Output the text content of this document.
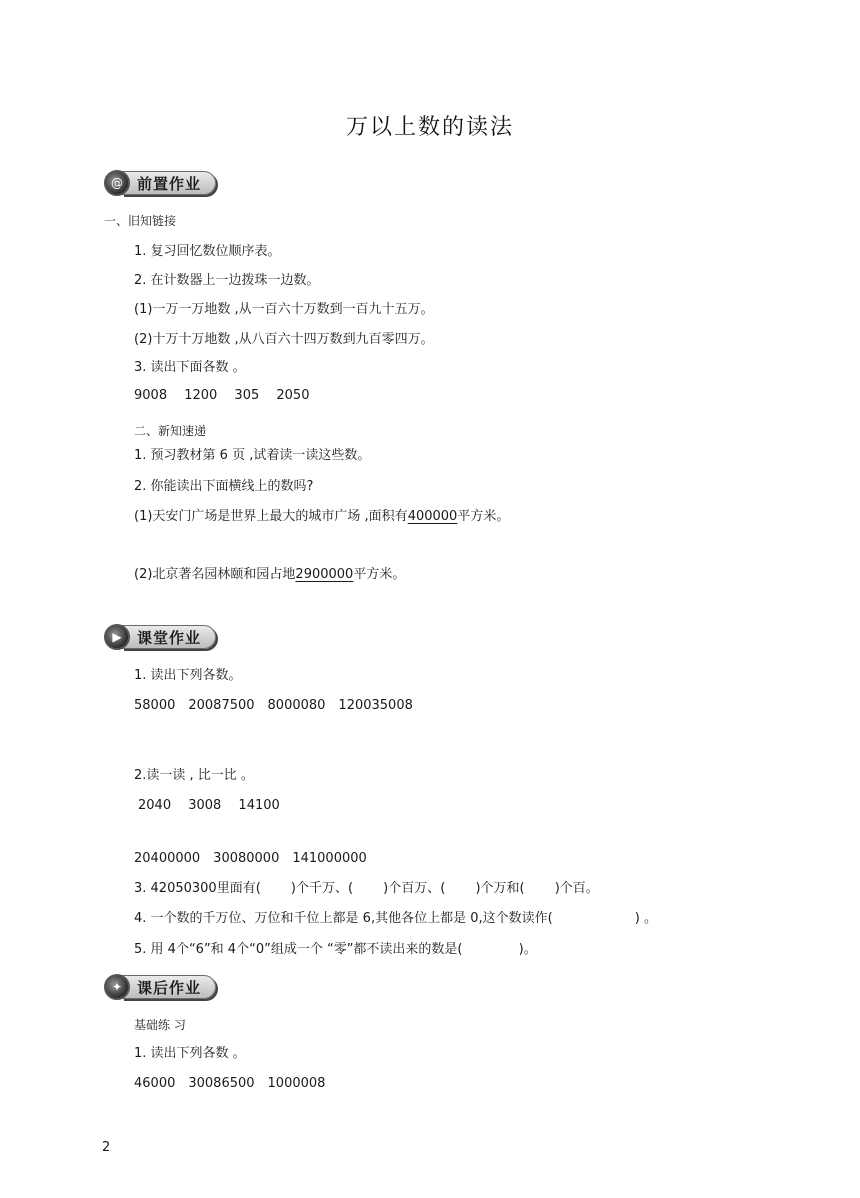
万以上数的读法
@ 前置作业
一、旧知链接
1. 复习回忆数位顺序表。
2. 在计数器上一边拨珠一边数。
(1)一万一万地数 ,从一百六十万数到一百九十五万。
(2)十万十万地数 ,从八百六十四万数到九百零四万。
3. 读出下面各数 。
9008　 1200　 305　 2050
二、新知速递
1. 预习教材第 6 页 ,试着读一读这些数。
2. 你能读出下面横线上的数吗?
(1)天安门广场是世界上最大的城市广场 ,面积有400000平方米。
(2)北京著名园林颐和园占地2900000平方米。
▶	课堂作业
1. 读出下列各数。
58000　20087500　8000080　120035008
2.读一读 , 比一比 。
2040　 3008　 14100
20400000　30080000　141000000
3. 42050300里面有(　　 )个千万、(　　 )个百万、(　　 )个万和(　　 )个百。
4. 一个数的千万位、万位和千位上都是 6,其他各位上都是 0,这个数读作(　　　　　　 ) 。
5. 用 4个“6”和 4个“0”组成一个 “零”都不读出来的数是(　　　　 )。
✦ 课后作业
基础练 习
1. 读出下列各数 。
46000　30086500　1000008
2
